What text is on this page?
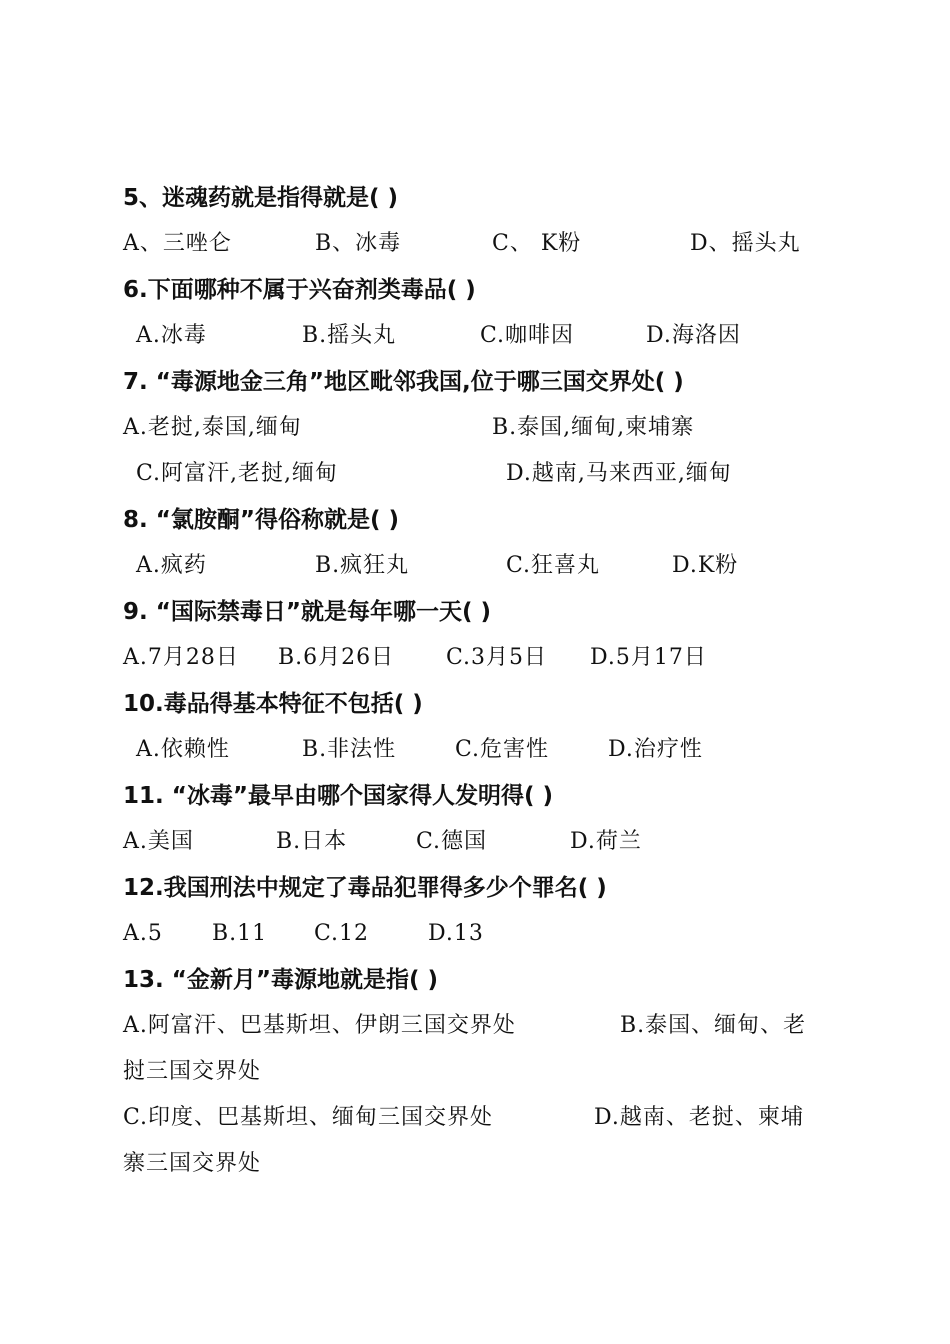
5、迷魂药就是指得就是( )
A、三唑仑	B、冰毒	C、 K粉	D、摇头丸
6.下面哪种不属于兴奋剂类毒品( )
A.冰毒	B.摇头丸	C.咖啡因	D.海洛因
7. “毒源地金三角”地区毗邻我国,位于哪三国交界处( )
A.老挝,泰国,缅甸	B.泰国,缅甸,柬埔寨
C.阿富汗,老挝,缅甸	D.越南,马来西亚,缅甸
8. “氯胺酮”得俗称就是( )
A.疯药	B.疯狂丸	C.狂喜丸	D.K粉
9. “国际禁毒日”就是每年哪一天( )
A.7月28日 B.6月26日 C.3月5日 D.5月17日
10.毒品得基本特征不包括( )
A.依赖性	B.非法性	C.危害性	D.治疗性
11. “冰毒”最早由哪个国家得人发明得( )
A.美国	B.日本	C.德国	D.荷兰
12.我国刑法中规定了毒品犯罪得多少个罪名( )
A.5 B.11 C.12	D.13
13. “金新月”毒源地就是指( )
A.阿富汗、巴基斯坦、伊朗三国交界处	B.泰国、缅甸、老
挝三国交界处
C.印度、巴基斯坦、缅甸三国交界处	D.越南、老挝、柬埔
寨三国交界处
